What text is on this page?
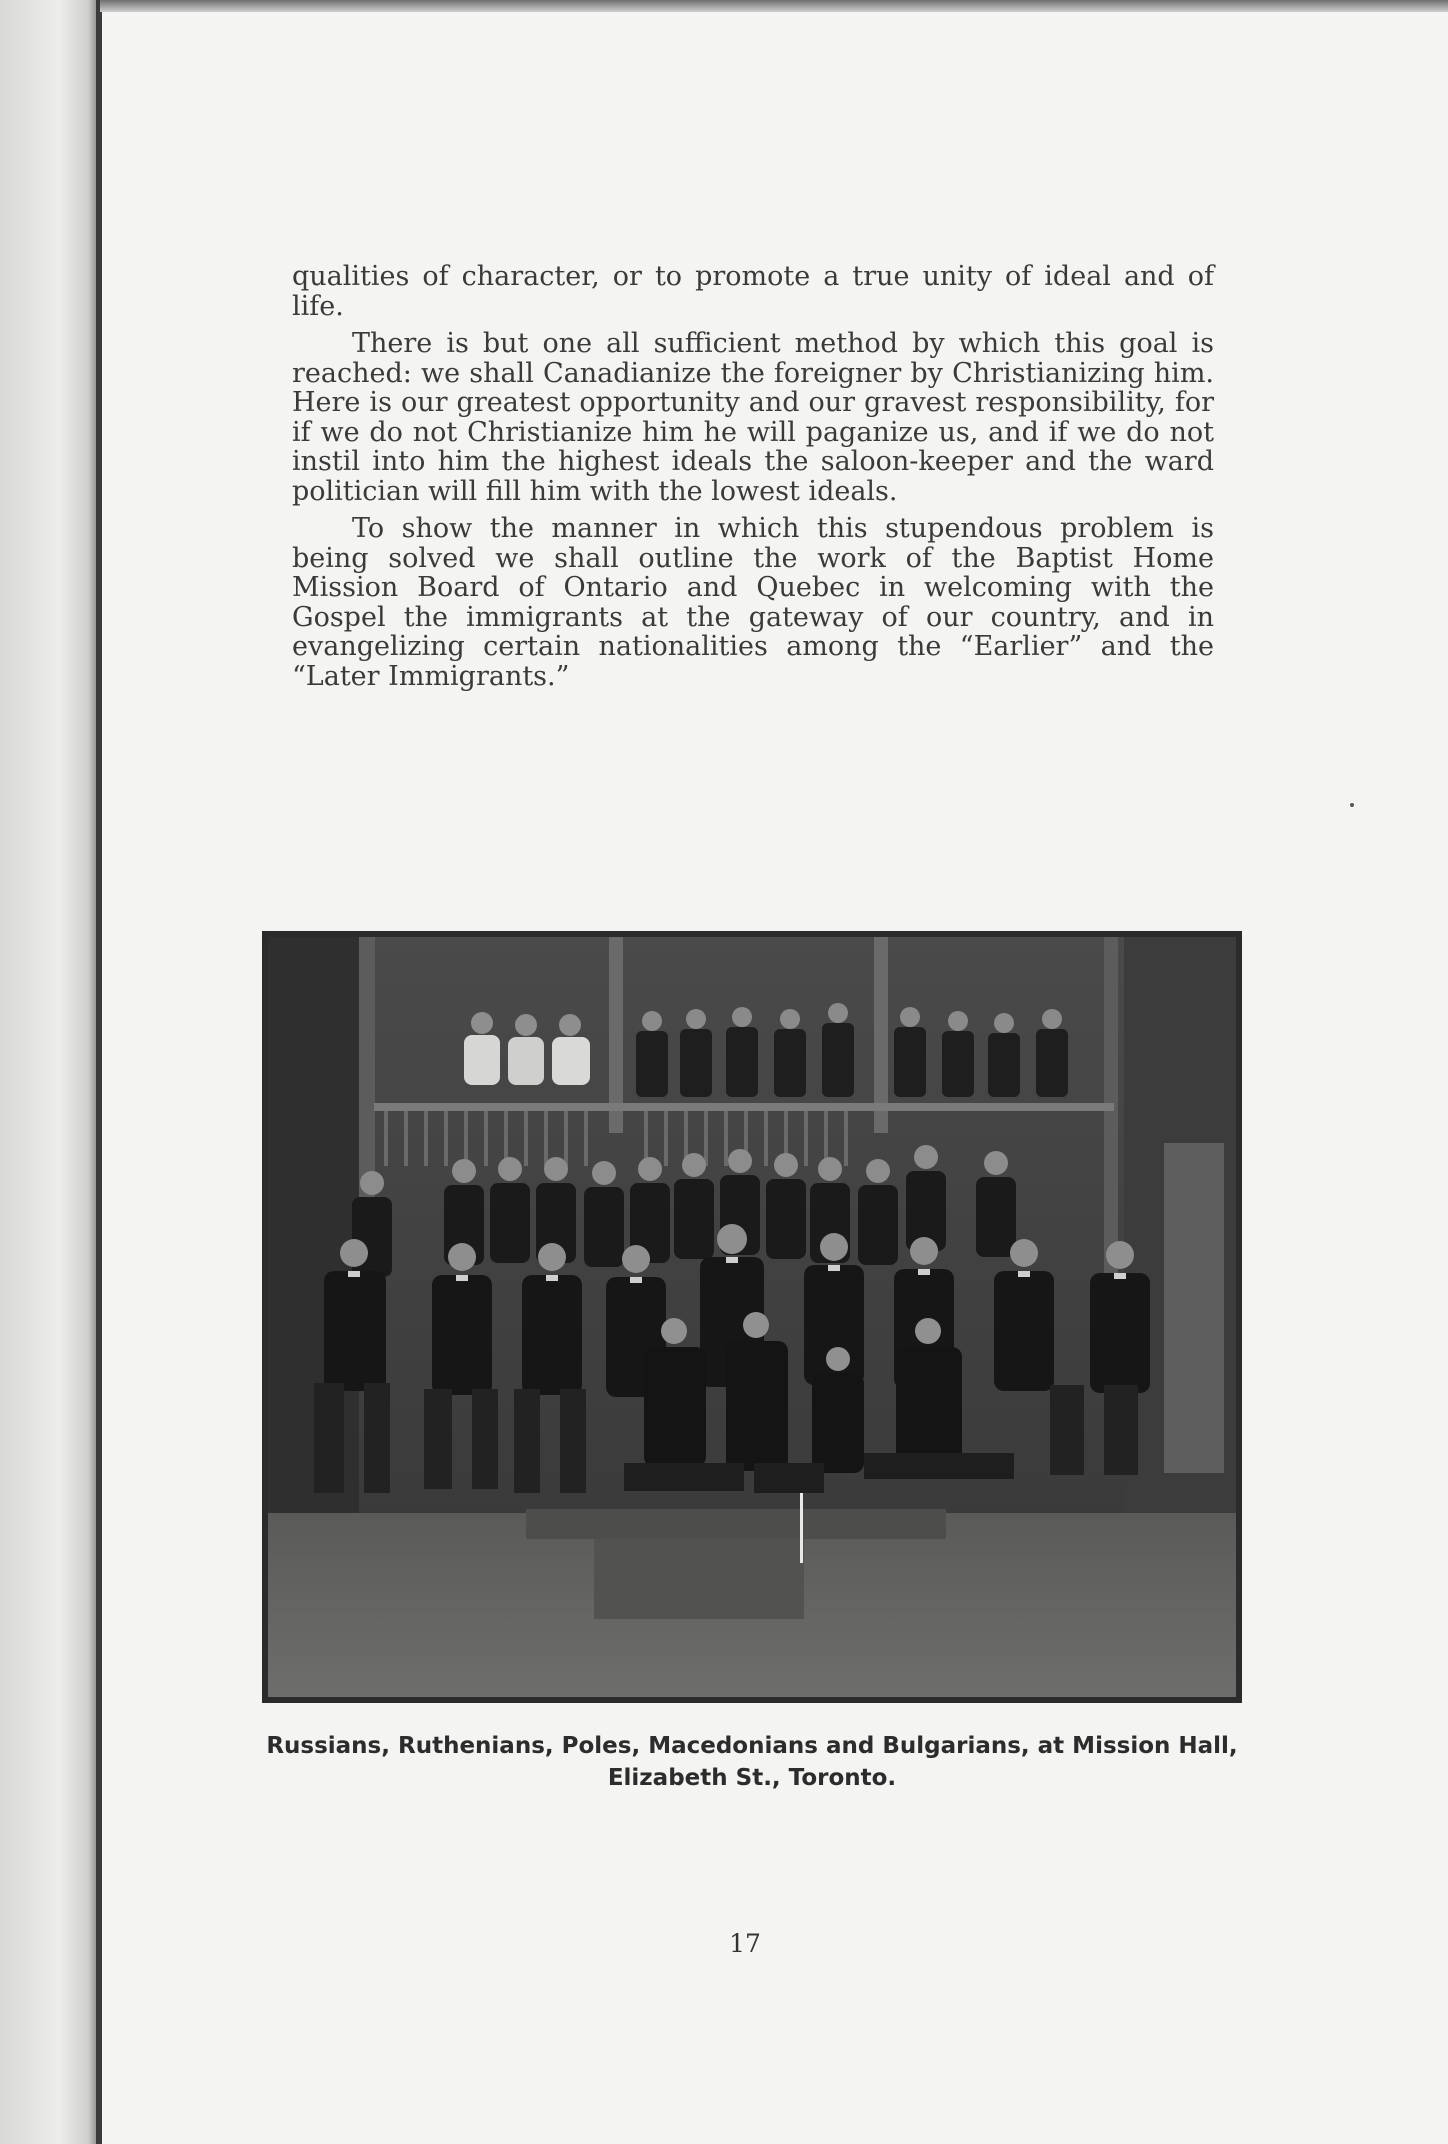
qualities of character, or to promote a true unity of ideal and of life.

There is but one all sufficient method by which this goal is reached: we shall Canadianize the foreigner by Christianizing him. Here is our greatest opportunity and our gravest responsibility, for if we do not Christianize him he will paganize us, and if we do not instil into him the highest ideals the saloon-keeper and the ward politician will fill him with the lowest ideals.

To show the manner in which this stupendous problem is being solved we shall outline the work of the Baptist Home Mission Board of Ontario and Quebec in welcoming with the Gospel the immigrants at the gateway of our country, and in evangelizing certain nationalities among the “Earlier” and the “Later Immigrants.”

Russians, Ruthenians, Poles, Macedonians and Bulgarians, at Mission Hall,
Elizabeth St., Toronto.
17
